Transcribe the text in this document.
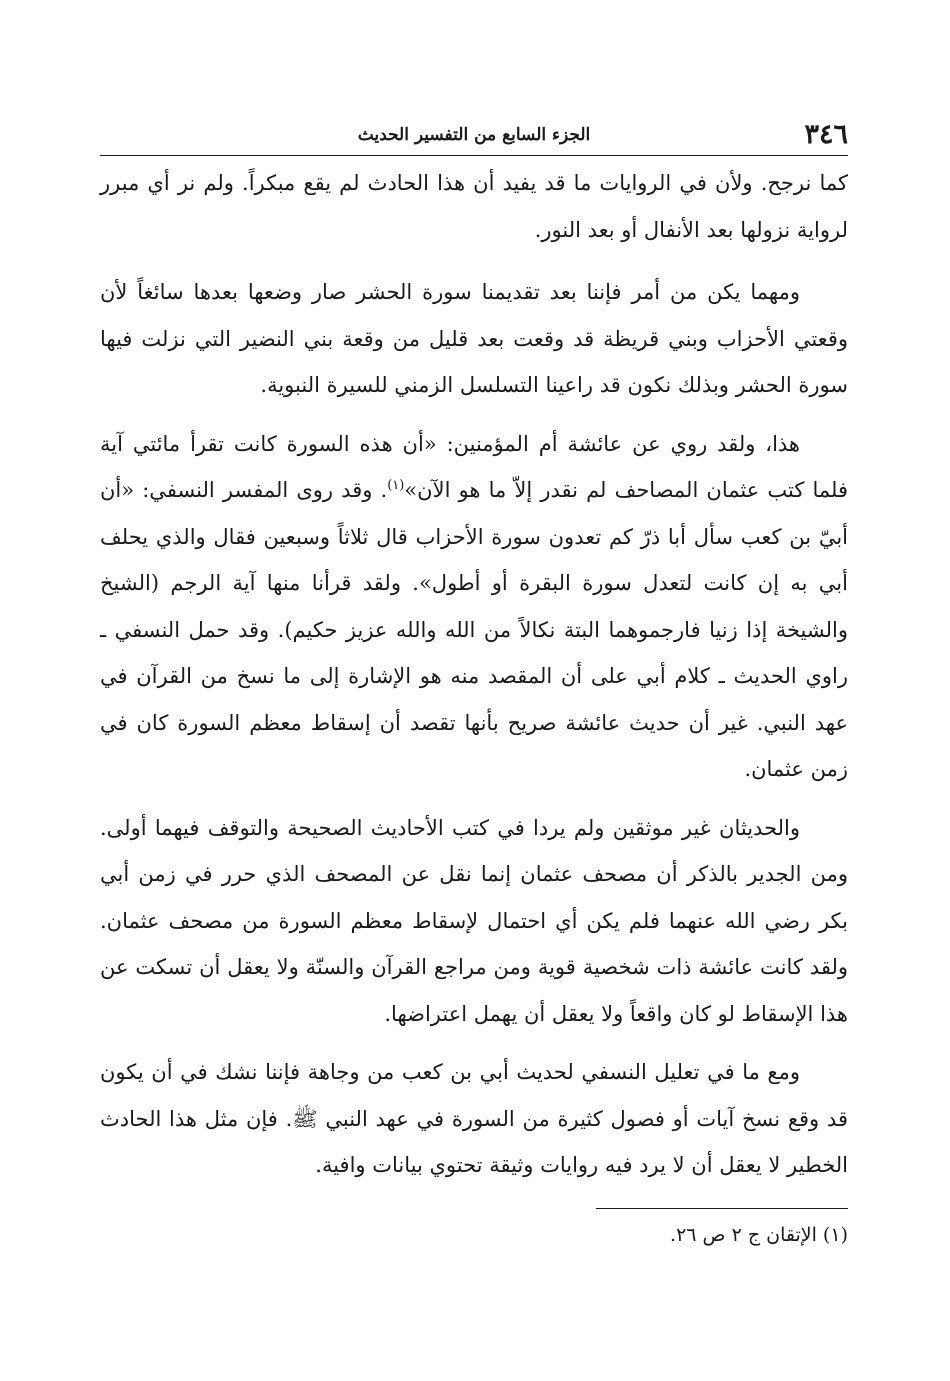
٣٤٦
الجزء السابع من التفسير الحديث

كما نرجح. ولأن في الروايات ما قد يفيد أن هذا الحادث لم يقع مبكراً. ولم نر أي مبرر لرواية نزولها بعد الأنفال أو بعد النور.

ومهما يكن من أمر فإننا بعد تقديمنا سورة الحشر صار وضعها بعدها سائغاً لأن وقعتي الأحزاب وبني قريظة قد وقعت بعد قليل من وقعة بني النضير التي نزلت فيها سورة الحشر وبذلك نكون قد راعينا التسلسل الزمني للسيرة النبوية.

هذا، ولقد روي عن عائشة أم المؤمنين: «أن هذه السورة كانت تقرأ مائتي آية فلما كتب عثمان المصاحف لم نقدر إلاّ ما هو الآن»$^{(١)}$. وقد روى المفسر النسفي: «أن أبيّ بن كعب سأل أبا ذرّ كم تعدون سورة الأحزاب قال ثلاثاً وسبعين فقال والذي يحلف أبي به إن كانت لتعدل سورة البقرة أو أطول». ولقد قرأنا منها آية الرجم (الشيخ والشيخة إذا زنيا فارجموهما البتة نكالاً من الله والله عزيز حكيم). وقد حمل النسفي ـ راوي الحديث ـ كلام أبي على أن المقصد منه هو الإشارة إلى ما نسخ من القرآن في عهد النبي. غير أن حديث عائشة صريح بأنها تقصد أن إسقاط معظم السورة كان في زمن عثمان.

والحديثان غير موثقين ولم يردا في كتب الأحاديث الصحيحة والتوقف فيهما أولى. ومن الجدير بالذكر أن مصحف عثمان إنما نقل عن المصحف الذي حرر في زمن أبي بكر رضي الله عنهما فلم يكن أي احتمال لإسقاط معظم السورة من مصحف عثمان. ولقد كانت عائشة ذات شخصية قوية ومن مراجع القرآن والسنّة ولا يعقل أن تسكت عن هذا الإسقاط لو كان واقعاً ولا يعقل أن يهمل اعتراضها.

ومع ما في تعليل النسفي لحديث أبي بن كعب من وجاهة فإننا نشك في أن يكون قد وقع نسخ آيات أو فصول كثيرة من السورة في عهد النبي ﷺ. فإن مثل هذا الحادث الخطير لا يعقل أن لا يرد فيه روايات وثيقة تحتوي بيانات وافية.

(١) الإتقان ج ٢ ص ٢٦.
